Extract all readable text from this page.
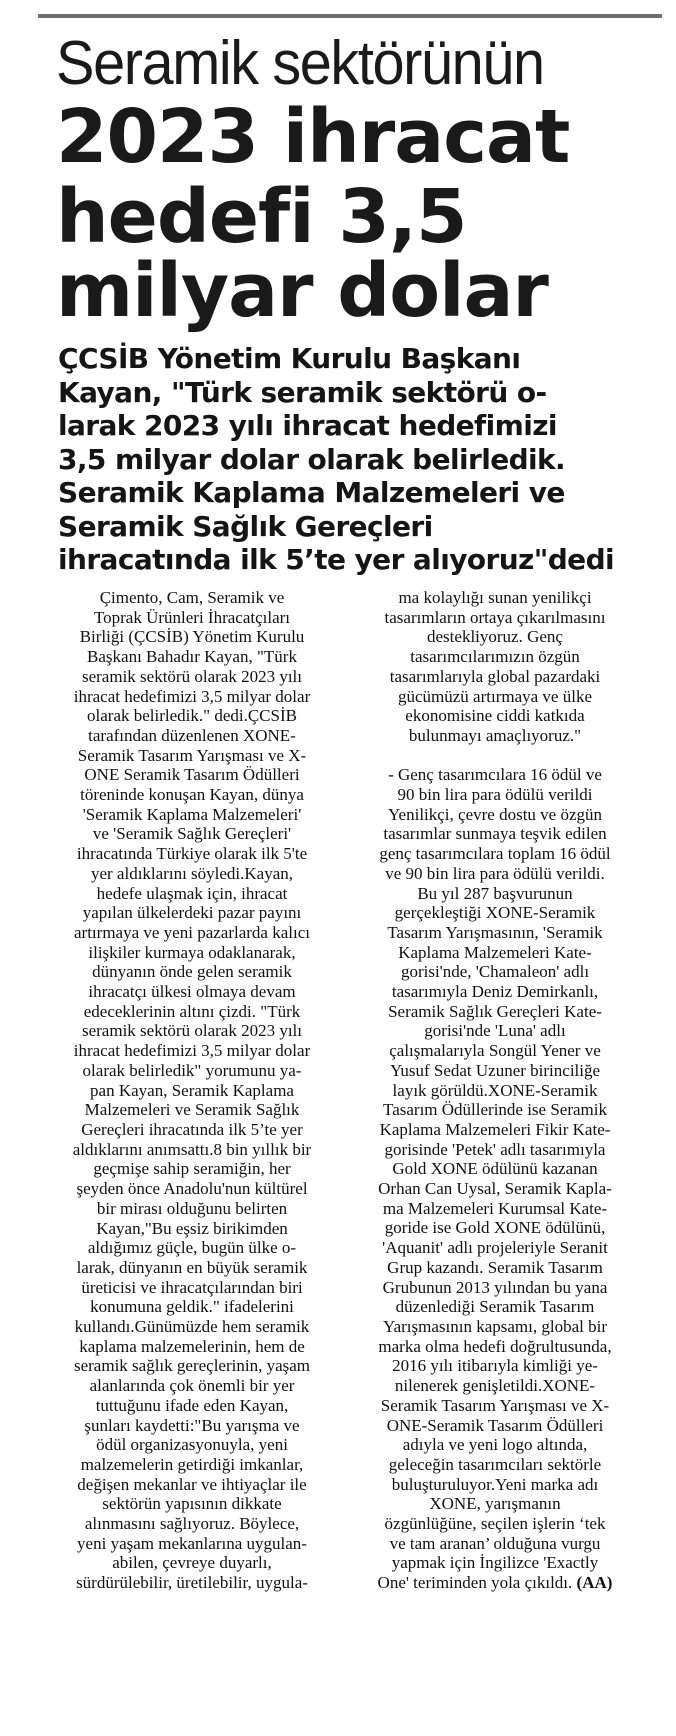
Seramik sektörünün
2023 ihracat
hedefi 3,5
milyar dolar
ÇCSİB Yönetim Kurulu Başkanı
Kayan, "Türk seramik sektörü o-
larak 2023 yılı ihracat hedefimizi
3,5 milyar dolar olarak belirledik.
Seramik Kaplama Malzemeleri ve
Seramik Sağlık Gereçleri
ihracatında ilk 5’te yer alıyoruz"dedi
Çimento, Cam, Seramik ve
Toprak Ürünleri İhracatçıları
Birliği (ÇCSİB) Yönetim Kurulu
Başkanı Bahadır Kayan, "Türk
seramik sektörü olarak 2023 yılı
ihracat hedefimizi 3,5 milyar dolar
olarak belirledik." dedi.ÇCSİB
tarafından düzenlenen XONE-
Seramik Tasarım Yarışması ve X-
ONE Seramik Tasarım Ödülleri
töreninde konuşan Kayan, dünya
'Seramik Kaplama Malzemeleri'
ve 'Seramik Sağlık Gereçleri'
ihracatında Türkiye olarak ilk 5'te
yer aldıklarını söyledi.Kayan,
hedefe ulaşmak için, ihracat
yapılan ülkelerdeki pazar payını
artırmaya ve yeni pazarlarda kalıcı
ilişkiler kurmaya odaklanarak,
dünyanın önde gelen seramik
ihracatçı ülkesi olmaya devam
edeceklerinin altını çizdi. "Türk
seramik sektörü olarak 2023 yılı
ihracat hedefimizi 3,5 milyar dolar
olarak belirledik" yorumunu ya-
pan Kayan, Seramik Kaplama
Malzemeleri ve Seramik Sağlık
Gereçleri ihracatında ilk 5’te yer
aldıklarını anımsattı.8 bin yıllık bir
geçmişe sahip seramiğin, her
şeyden önce Anadolu'nun kültürel
bir mirası olduğunu belirten
Kayan,"Bu eşsiz birikimden
aldığımız güçle, bugün ülke o-
larak, dünyanın en büyük seramik
üreticisi ve ihracatçılarından biri
konumuna geldik." ifadelerini
kullandı.Günümüzde hem seramik
kaplama malzemelerinin, hem de
seramik sağlık gereçlerinin, yaşam
alanlarında çok önemli bir yer
tuttuğunu ifade eden Kayan,
şunları kaydetti:"Bu yarışma ve
ödül organizasyonuyla, yeni
malzemelerin getirdiği imkanlar,
değişen mekanlar ve ihtiyaçlar ile
sektörün yapısının dikkate
alınmasını sağlıyoruz. Böylece,
yeni yaşam mekanlarına uygulan-
abilen, çevreye duyarlı,
sürdürülebilir, üretilebilir, uygula-
ma kolaylığı sunan yenilikçi
tasarımların ortaya çıkarılmasını
destekliyoruz. Genç
tasarımcılarımızın özgün
tasarımlarıyla global pazardaki
gücümüzü artırmaya ve ülke
ekonomisine ciddi katkıda
bulunmayı amaçlıyoruz."
- Genç tasarımcılara 16 ödül ve
90 bin lira para ödülü verildi
Yenilikçi, çevre dostu ve özgün
tasarımlar sunmaya teşvik edilen
genç tasarımcılara toplam 16 ödül
ve 90 bin lira para ödülü verildi.
Bu yıl 287 başvurunun
gerçekleştiği XONE-Seramik
Tasarım Yarışmasının, 'Seramik
Kaplama Malzemeleri Kate-
gorisi'nde, 'Chamaleon' adlı
tasarımıyla Deniz Demirkanlı,
Seramik Sağlık Gereçleri Kate-
gorisi'nde 'Luna' adlı
çalışmalarıyla Songül Yener ve
Yusuf Sedat Uzuner birinciliğe
layık görüldü.XONE-Seramik
Tasarım Ödüllerinde ise Seramik
Kaplama Malzemeleri Fikir Kate-
gorisinde 'Petek' adlı tasarımıyla
Gold XONE ödülünü kazanan
Orhan Can Uysal, Seramik Kapla-
ma Malzemeleri Kurumsal Kate-
goride ise Gold XONE ödülünü,
'Aquanit' adlı projeleriyle Seranit
Grup kazandı. Seramik Tasarım
Grubunun 2013 yılından bu yana
düzenlediği Seramik Tasarım
Yarışmasının kapsamı, global bir
marka olma hedefi doğrultusunda,
2016 yılı itibarıyla kimliği ye-
nilenerek genişletildi.XONE-
Seramik Tasarım Yarışması ve X-
ONE-Seramik Tasarım Ödülleri
adıyla ve yeni logo altında,
geleceğin tasarımcıları sektörle
buluşturuluyor.Yeni marka adı
XONE, yarışmanın
özgünlüğüne, seçilen işlerin ‘tek
ve tam aranan’ olduğuna vurgu
yapmak için İngilizce 'Exactly
One' teriminden yola çıkıldı. (AA)
